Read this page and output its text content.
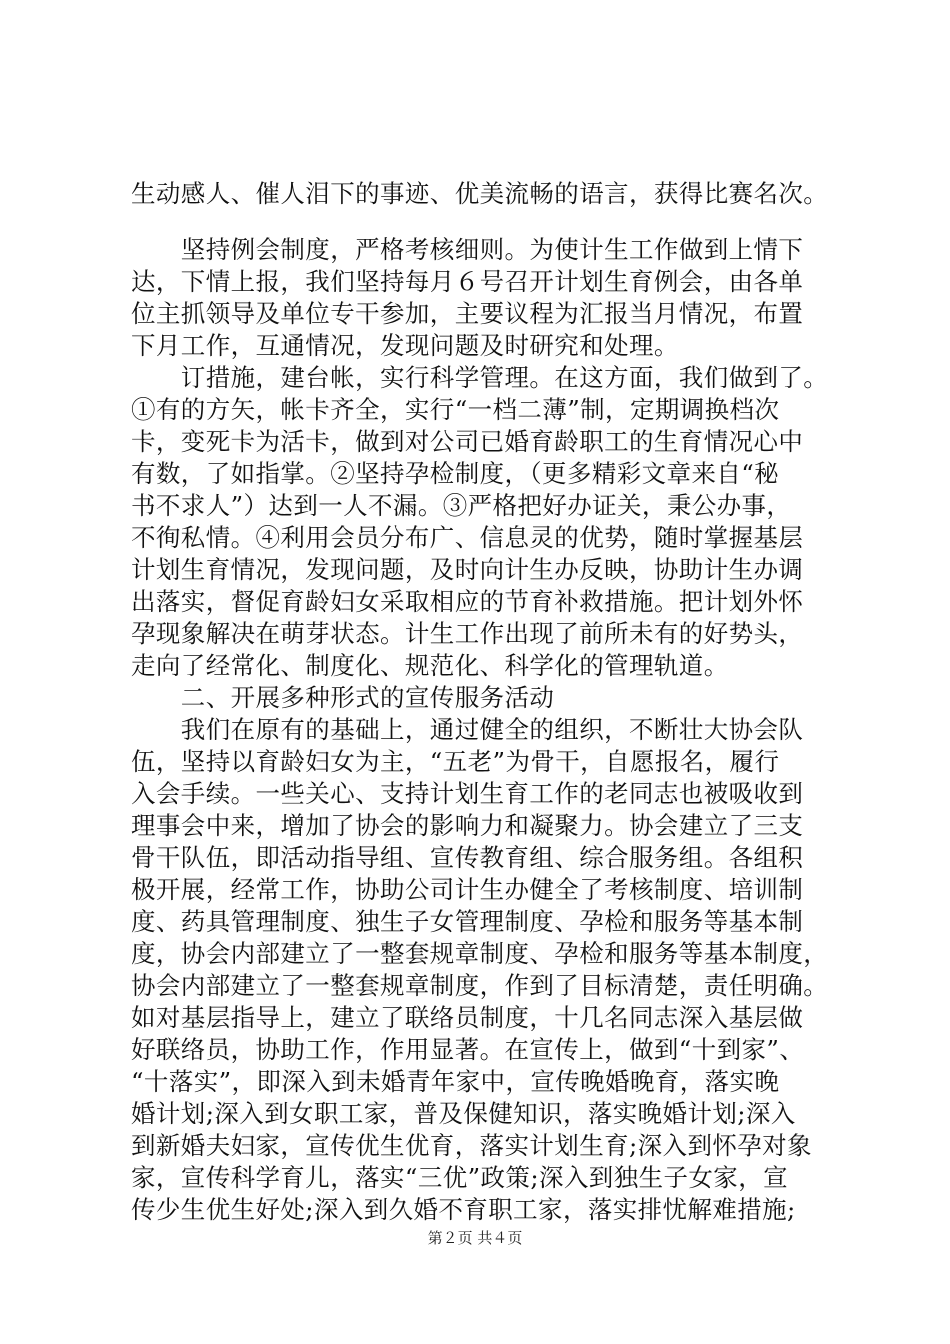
生动感人、催人泪下的事迹、优美流畅的语言，获得比赛名次。
　　坚持例会制度，严格考核细则。为使计生工作做到上情下
达，下情上报，我们坚持每月６号召开计划生育例会，由各单
位主抓领导及单位专干参加，主要议程为汇报当月情况，布置
下月工作，互通情况，发现问题及时研究和处理。
　　订措施，建台帐，实行科学管理。在这方面，我们做到了。
①有的方矢，帐卡齐全，实行“一档二薄”制，定期调换档次
卡，变死卡为活卡，做到对公司已婚育龄职工的生育情况心中
有数，了如指掌。②坚持孕检制度，（更多精彩文章来自“秘
书不求人”）达到一人不漏。③严格把好办证关，秉公办事，
不徇私情。④利用会员分布广、信息灵的优势，随时掌握基层
计划生育情况，发现问题，及时向计生办反映，协助计生办调
出落实，督促育龄妇女采取相应的节育补救措施。把计划外怀
孕现象解决在萌芽状态。计生工作出现了前所未有的好势头，
走向了经常化、制度化、规范化、科学化的管理轨道。
　　二、开展多种形式的宣传服务活动
　　我们在原有的基础上，通过健全的组织，不断壮大协会队
伍，坚持以育龄妇女为主，“五老”为骨干，自愿报名，履行
入会手续。一些关心、支持计划生育工作的老同志也被吸收到
理事会中来，增加了协会的影响力和凝聚力。协会建立了三支
骨干队伍，即活动指导组、宣传教育组、综合服务组。各组积
极开展，经常工作，协助公司计生办健全了考核制度、培训制
度、药具管理制度、独生子女管理制度、孕检和服务等基本制
度，协会内部建立了一整套规章制度、孕检和服务等基本制度，
协会内部建立了一整套规章制度，作到了目标清楚，责任明确。
如对基层指导上，建立了联络员制度，十几名同志深入基层做
好联络员，协助工作，作用显著。在宣传上，做到“十到家”、
“十落实”，即深入到未婚青年家中，宣传晚婚晚育，落实晚
婚计划;深入到女职工家，普及保健知识，落实晚婚计划;深入
到新婚夫妇家，宣传优生优育，落实计划生育;深入到怀孕对象
家，宣传科学育儿，落实“三优”政策;深入到独生子女家，宣
传少生优生好处;深入到久婚不育职工家，落实排忧解难措施;
第２页 共４页
